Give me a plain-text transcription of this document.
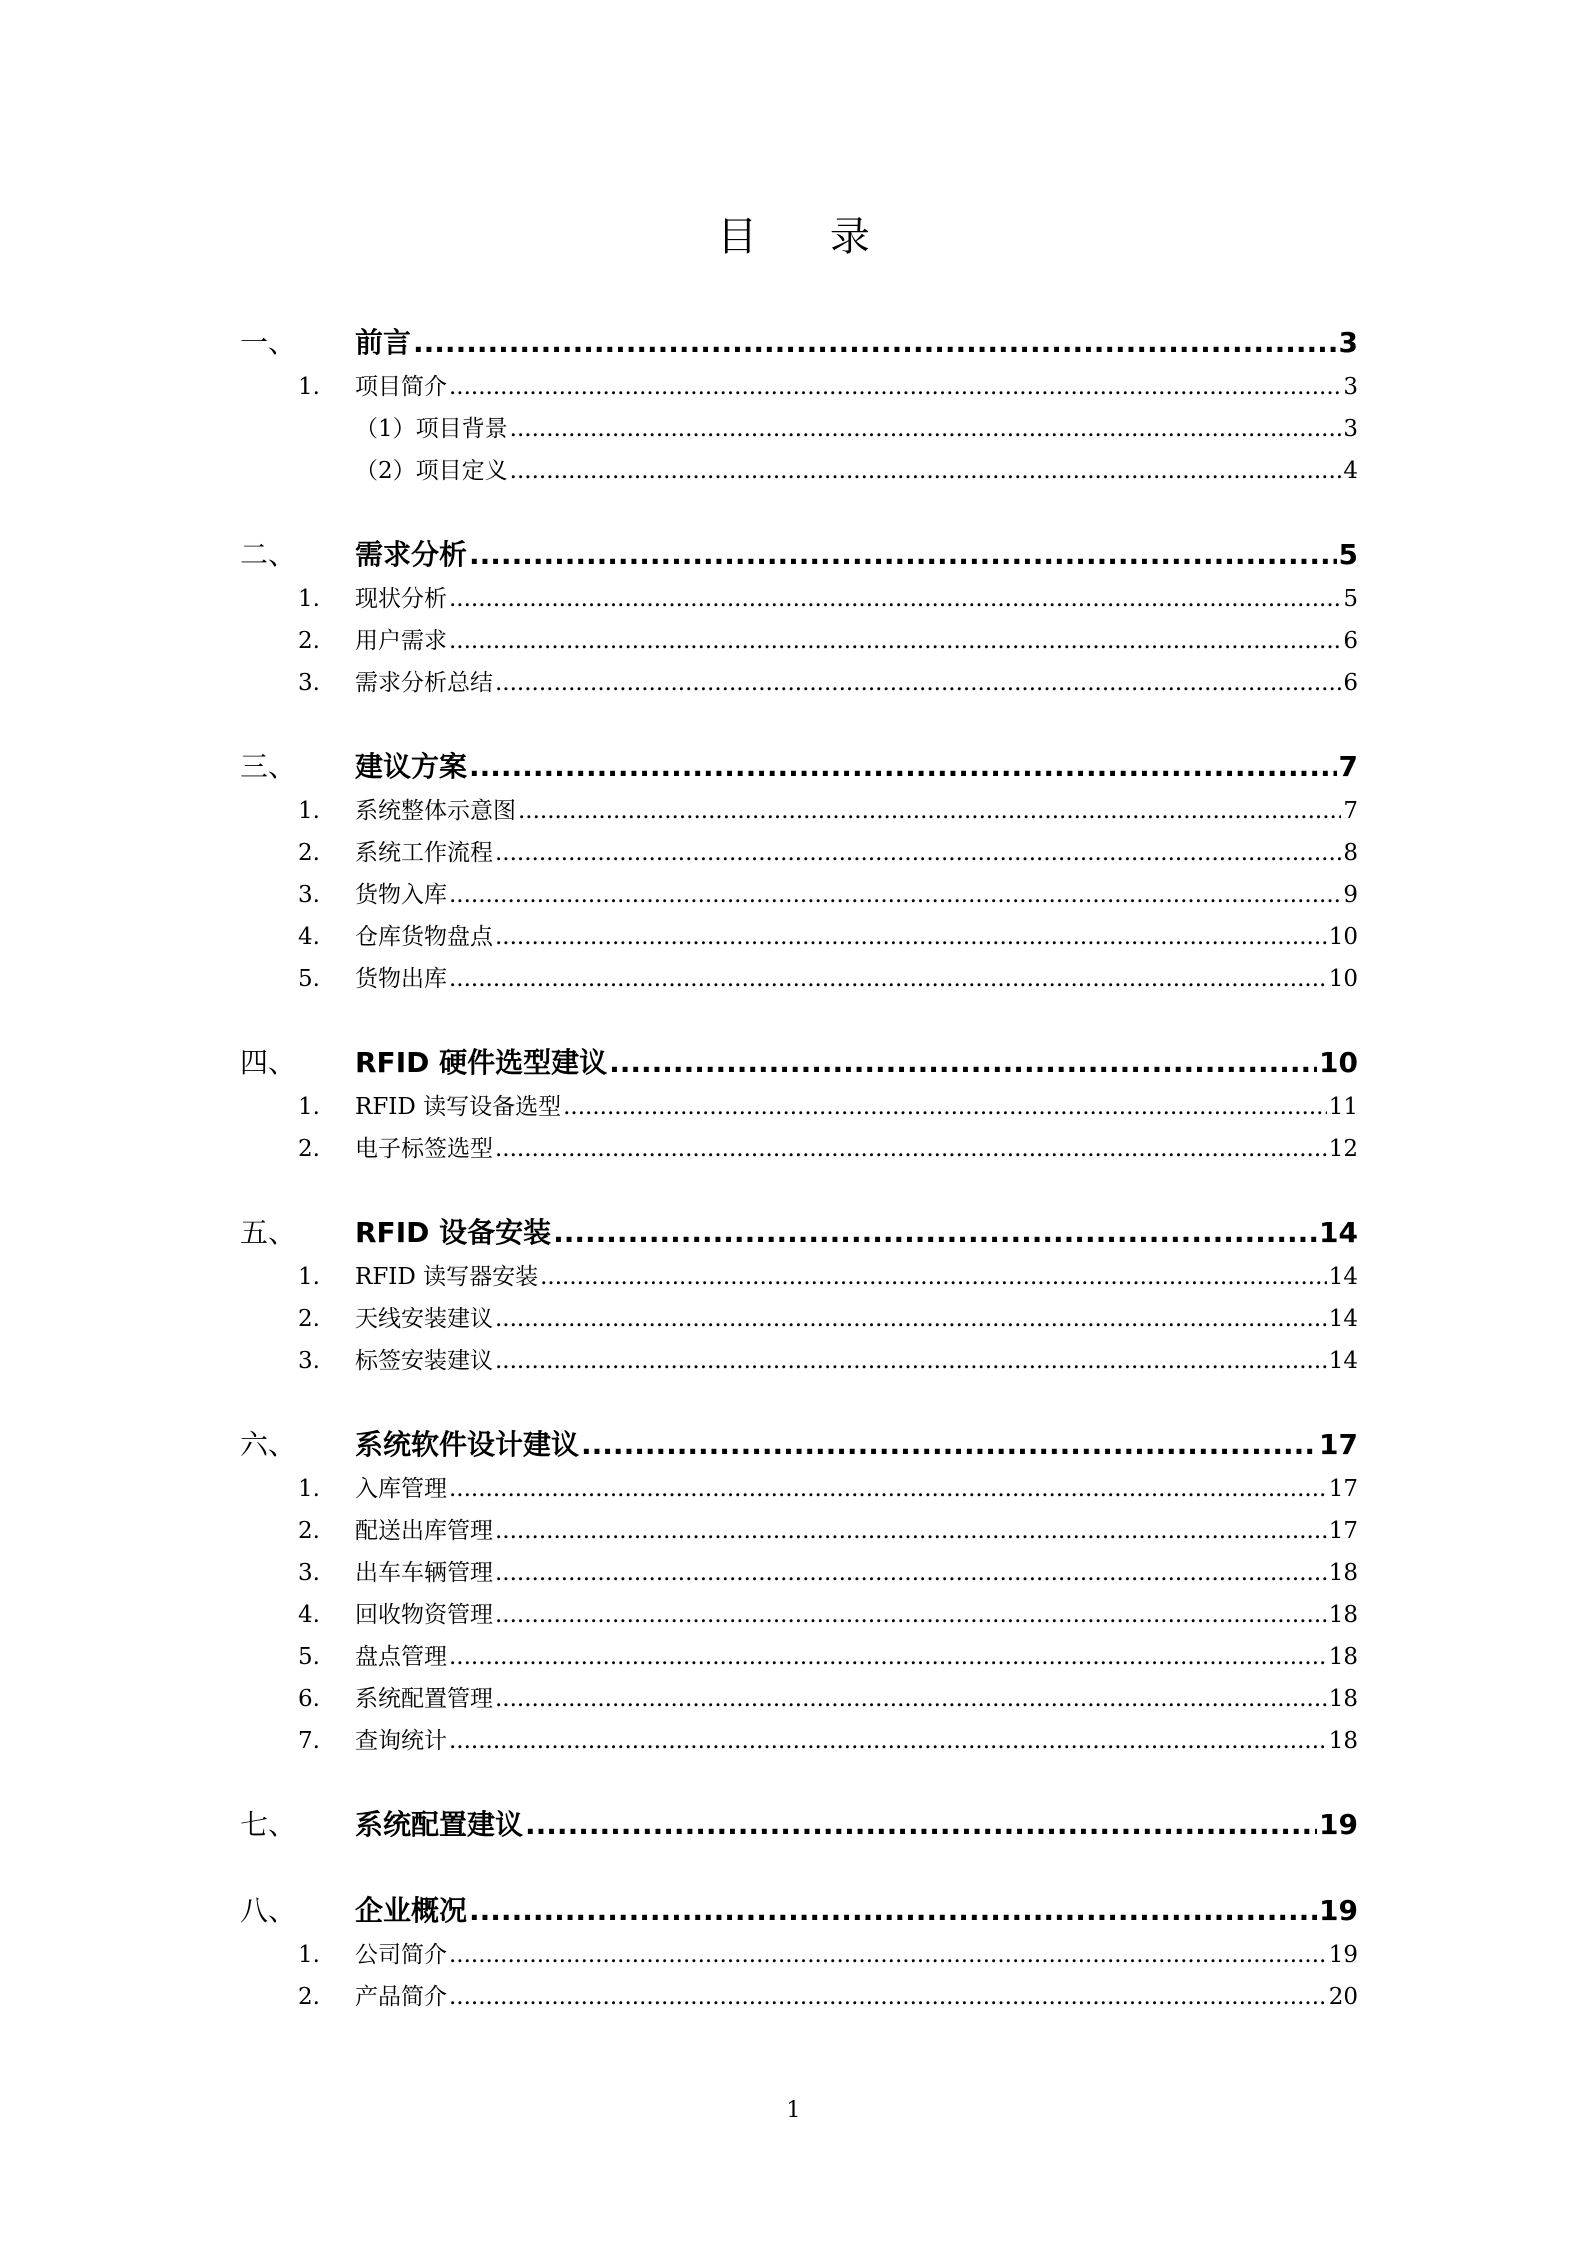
目 录
一、	前言 .....	3
1.	项目简介 .....	3
（1）项目背景 .....	3
（2）项目定义 .....	4
二、	需求分析 .....	5
1.	现状分析 .....	5
2.	用户需求 .....	6
3.	需求分析总结 .....	6
三、	建议方案 .....	7
1.	系统整体示意图 .....	7
2.	系统工作流程 .....	8
3.	货物入库 .....	9
4.	仓库货物盘点 .....	10
5.	货物出库 .....	10
四、	RFID 硬件选型建议 .....	10
1.	RFID 读写设备选型 .....	11
2.	电子标签选型 .....	12
五、	RFID 设备安装 .....	14
1.	RFID 读写器安装 .....	14
2.	天线安装建议 .....	14
3.	标签安装建议 .....	14
六、	系统软件设计建议 .....	17
1.	入库管理 .....	17
2.	配送出库管理 .....	17
3.	出车车辆管理 .....	18
4.	回收物资管理 .....	18
5.	盘点管理 .....	18
6.	系统配置管理 .....	18
7.	查询统计 .....	18
七、	系统配置建议 .....	19
八、	企业概况 .....	19
1.	公司简介 .....	19
2.	产品简介 .....	20
1
